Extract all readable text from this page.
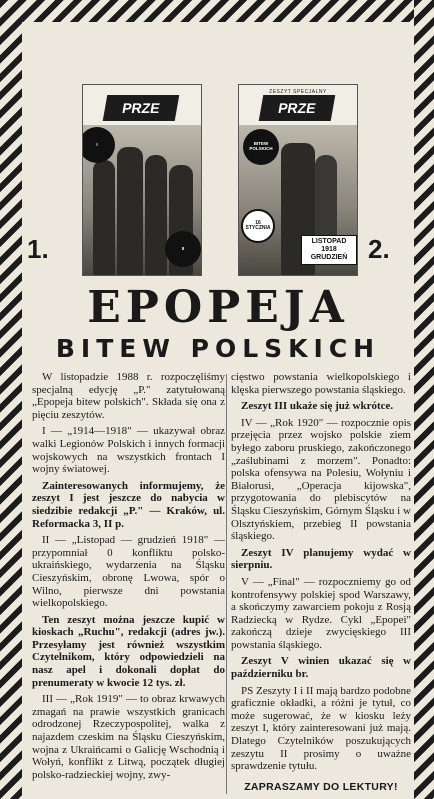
PRZE
I
II
1.
ZESZYT SPECJALNY
PRZE
BITEW POLSKICH
16 STYCZNIA
LISTOPAD 1918 GRUDZIEŃ 2.
EPOPEJA
BITEW POLSKICH

W listopadzie 1988 r. rozpoczęliśmy specjalną edycję „P." zatytułowaną „Epopeja bitew polskich". Składa się ona z pięciu zeszytów.

I — „1914—1918" — ukazywał obraz walki Legionów Polskich i innych formacji wojskowych na wszystkich frontach I wojny światowej.

Zainteresowanych informujemy, że zeszyt I jest jeszcze do nabycia w siedzibie redakcji „P." — Kraków, ul. Reformacka 3, II p.

II — „Listopad — grudzień 1918" — przypomniał 0 konfliktu polsko-ukraińskiego, wydarzenia na Śląsku Cieszyńskim, obronę Lwowa, spór o Wilno, pierwsze dni powstania wielkopolskiego.

Ten zeszyt można jeszcze kupić w kioskach „Ruchu", redakcji (adres jw.). Przesyłamy jest również wszystkim Czytelnikom, który odpowiedzieli na nasz apel i dokonali dopłat do prenumeraty w kwocie 12 tys. zł.

III — „Rok 1919" — to obraz krwawych zmagań na prawie wszystkich granicach odrodzonej Rzeczypospolitej, walka z najazdem czeskim na Śląsku Cieszyńskim, wojna z Ukraińcami o Galicję Wschodnią i Wołyń, konflikt z Litwą, początek długiej polsko-radzieckiej wojny, zwy-

cięstwo powstania wielkopolskiego i klęska pierwszego powstania śląskiego.

Zeszyt III ukaże się już wkrótce.

IV — „Rok 1920" — rozpocznie opis przejęcia przez wojsko polskie ziem byłego zaboru pruskiego, zakończonego „zaślubinami z morzem". Ponadto: polska ofensywa na Polesiu, Wołyniu i Białorusi, „Operacja kijowska", przygotowania do plebiscytów na Śląsku Cieszyńskim, Górnym Śląsku i w Olsztyńskiem, przebieg II powstania śląskiego.

Zeszyt IV planujemy wydać w sierpniu.

V — „Final" — rozpoczniemy go od kontrofensywy polskiej spod Warszawy, a skończymy zawarciem pokoju z Rosją Radziecką w Rydze. Cykl „Epopei" zakończą dzieje zwycięskiego III powstania śląskiego.

Zeszyt V winien ukazać się w październiku br.

PS Zeszyty I i II mają bardzo podobne graficznie okładki, a różni je tytuł, co może sugerować, że w kiosku leży zeszyt I, który zainteresowani już mają. Dlatego Czytelników poszukujących zeszytu II prosimy o uważne sprawdzenie tytułu.

ZAPRASZAMY DO LEKTURY!
